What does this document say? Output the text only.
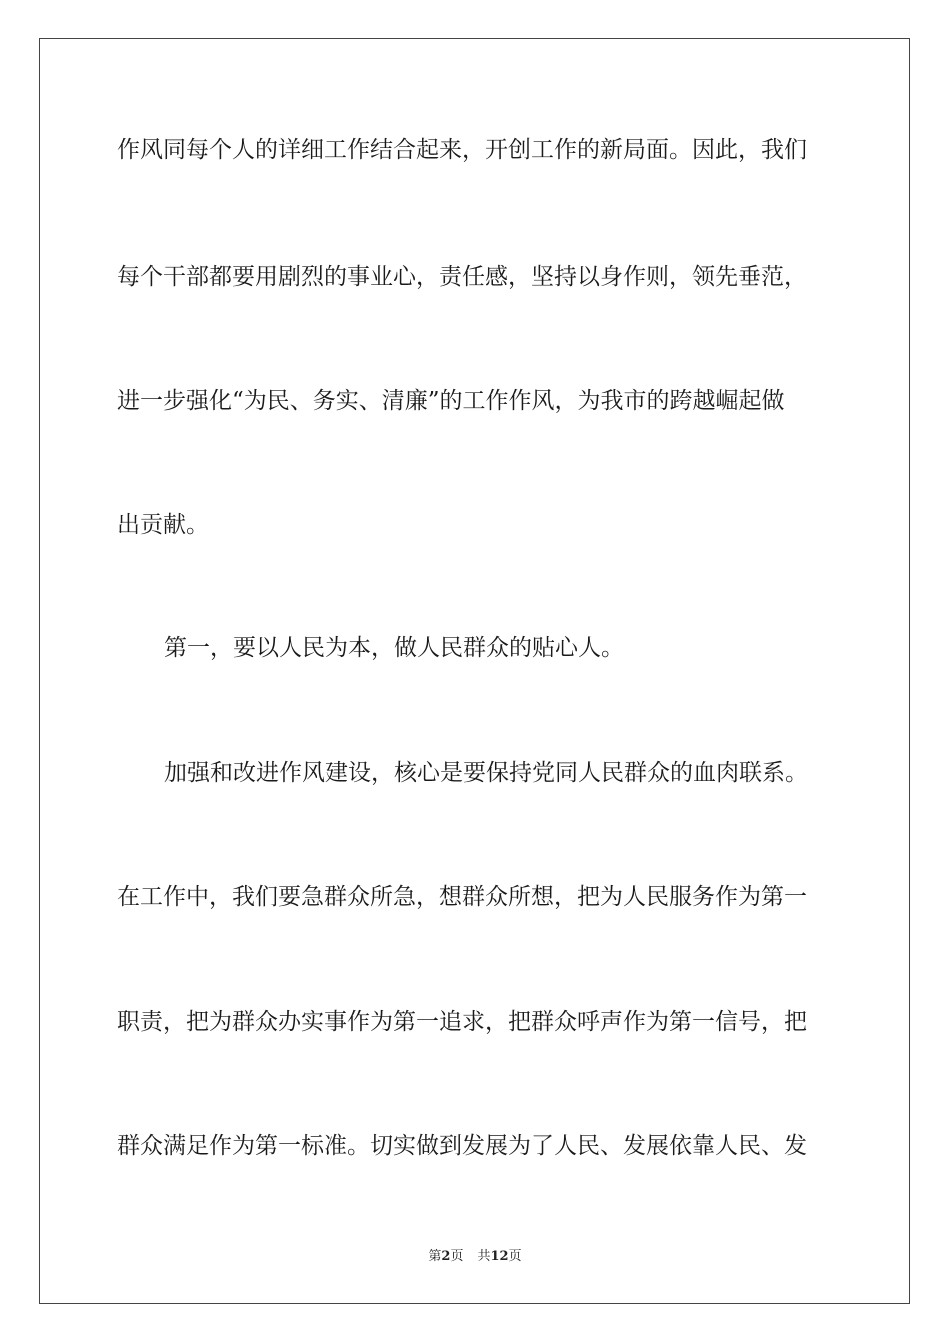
作风同每个人的详细工作结合起来，开创工作的新局面。因此，我们
每个干部都要用剧烈的事业心，责任感，坚持以身作则，领先垂范，
进一步强化“为民、务实、清廉”的工作作风，为我市的跨越崛起做
出贡献。
第一，要以人民为本，做人民群众的贴心人。
加强和改进作风建设，核心是要保持党同人民群众的血肉联系。
在工作中，我们要急群众所急，想群众所想，把为人民服务作为第一
职责，把为群众办实事作为第一追求，把群众呼声作为第一信号，把
群众满足作为第一标准。切实做到发展为了人民、发展依靠人民、发
第2页 共12页
